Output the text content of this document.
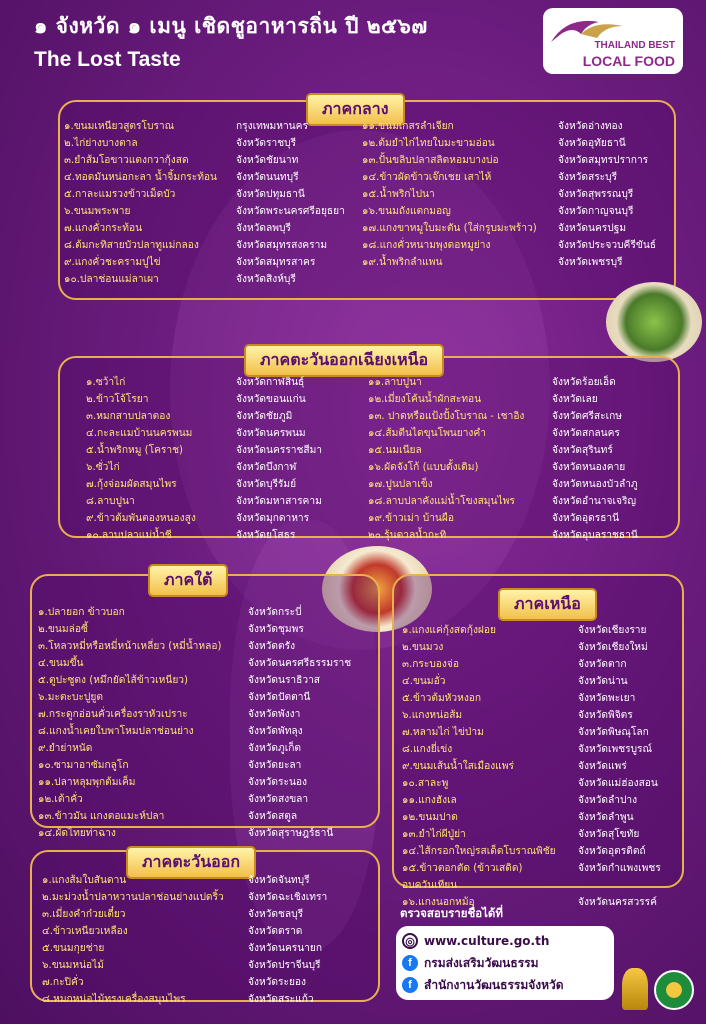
๑ จังหวัด ๑ เมนู เชิดชูอาหารถิ่น ปี ๒๕๖๗
The Lost Taste
THAILAND BEST
LOCAL FOOD
ภาคกลาง
๑.ขนมเหนียวสูตรโบราณ
๒.ไก่ย่างบางตาล
๓.ยำส้มโอขาวแตงกวากุ้งสด
๔.ทอดมันหน่อกะลา น้ำจิ้มกระท้อน
๕.กาละแมรวงข้าวเม็ดบัว
๖.ขนมพระพาย
๗.แกงคั่วกระท้อน
๘.ต้มกะทิสายบัวปลาทูแม่กลอง
๙.แกงคั่วชะครามปูไข่
๑๐.ปลาช่อนแม่ลาเผา
กรุงเทพมหานคร
จังหวัดราชบุรี
จังหวัดชัยนาท
จังหวัดนนทบุรี
จังหวัดปทุมธานี
จังหวัดพระนครศรีอยุธยา
จังหวัดลพบุรี
จังหวัดสมุทรสงคราม
จังหวัดสมุทรสาคร
จังหวัดสิงห์บุรี
๑๑.ขนมเกสรลำเจียก
๑๒.ต้มยำไก่ไทยใบมะขามอ่อน
๑๓.ปั้นขลิบปลาสลิดหอมบางบ่อ
๑๔.ข้าวผัดข้าวเจ๊กเชย เสาไห้
๑๕.น้ำพริกไปนา
๑๖.ขนมถังแตกมอญ
๑๗.แกงขาหมูใบมะตัน (ใส่กรูบมะพร้าว)
๑๘.แกงคั่วหนามพุงดอหมูย่าง
๑๙.น้ำพริกลำแพน
จังหวัดอ่างทอง
จังหวัดอุทัยธานี
จังหวัดสมุทรปราการ
จังหวัดสระบุรี
จังหวัดสุพรรณบุรี
จังหวัดกาญจนบุรี
จังหวัดนครปฐม
จังหวัดประจวบคีรีขันธ์
จังหวัดเพชรบุรี
ภาคตะวันออกเฉียงเหนือ
๑.ซว้าไก่
๒.ข้าวโจ้โรยา
๓.หมกสาบปลาตอง
๔.กะละแมบ้านนครพนม
๕.น้ำพริกหมู (โคราช)
๖.ซั่วไก่
๗.กุ้งจ่อมผัดสมุนไพร
๘.ลาบปูนา
๙.ข้าวต้มพันตองหนองสูง
๑๐.ลาบปลาแม่น้ำชี
จังหวัดกาฬสินธุ์
จังหวัดขอนแก่น
จังหวัดชัยภูมิ
จังหวัดนครพนม
จังหวัดนครราชสีมา
จังหวัดบึงกาฬ
จังหวัดบุรีรัมย์
จังหวัดมหาสารคาม
จังหวัดมุกดาหาร
จังหวัดยโสธร
๑๑.ลาบปูนา
๑๒.เมี่ยงโค้นน้ำผักสะทอน
๑๓. ปาดหรือแป้งปั้งโบราณ - เชาอิง
๑๔.ส้มตีนไดขุนโพนยางคำ
๑๕.นมเนียล
๑๖.ผัดจังโก้ (แบบดั้งเดิม)
๑๗.ปูนปลาเข็ง
๑๘.ลาบปลาคังแม่น้ำโขงสมุนไพร
๑๙.ข้าวเม่า บ้านผือ
๒๐.รุ้นตาลน้ำกะทิ
จังหวัดร้อยเอ็ด
จังหวัดเลย
จังหวัดศรีสะเกษ
จังหวัดสกลนคร
จังหวัดสุรินทร์
จังหวัดหนองคาย
จังหวัดหนองบัวลำภู
จังหวัดอำนาจเจริญ
จังหวัดอุดรธานี
จังหวัดอุบลราชธานี
ภาคใต้
๑.ปลายอก ข้าวบอก
๒.ขนมล่อซี้
๓.โหลวหมี่หรือหมี่หน้าเหลี่ยว (หมี่น้ำหลอ)
๔.ขนมขึ้น
๕.ตูปะซูตง (หมึกยัดไส้ข้าวเหนียว)
๖.มะตะบะปูยูต
๗.กระดูกอ่อนคั่วเครื่องราหัวเปราะ
๘.แกงน้ำเคยใบพาโหมปลาช่อนย่าง
๙.ยำย่าหนัด
๑๐.ซามาอาซัมกลูโก
๑๑.ปลาหลุมพุกต้มเค็ม
๑๒.เต้าคั่ว
๑๓.ข้าวมัน แกงตอแมะห์ปลา
๑๔.ผัดไทยท่าฉาง
จังหวัดกระบี่
จังหวัดชุมพร
จังหวัดตรัง
จังหวัดนครศรีธรรมราช
จังหวัดนราธิวาส
จังหวัดปัตตานี
จังหวัดพังงา
จังหวัดพัทลุง
จังหวัดภูเก็ต
จังหวัดยะลา
จังหวัดระนอง
จังหวัดสงขลา
จังหวัดสตูล
จังหวัดสุราษฎร์ธานี
ภาคเหนือ
๑.แกงแค่กุ้งสดกุ้งฝอย
๒.ขนมวง
๓.กระบองจ่อ
๔.ขนมอั่ว
๕.ข้าวต้มหัวหงอก
๖.แกงหน่อส้ม
๗.หลามไก่ ไข่ป่าม
๘.แกงยี่เข่ง
๙.ขนมเส้นน้ำใสเมืองแพร่
๑๐.สาละพู
๑๑.แกงฮังเล
๑๒.ขนมปาด
๑๓.ยำไก่ผีปู่ย่า
๑๔.ไส้กรอกใหญ่รสเด็ดโบราณพิชัย
๑๕.ข้าวตอกตัด (ข้าวเสดิด)
อบควันเทียน
๑๖.แกงนอกหม้อ
จังหวัดเชียงราย
จังหวัดเชียงใหม่
จังหวัดตาก
จังหวัดน่าน
จังหวัดพะเยา
จังหวัดพิจิตร
จังหวัดพิษณุโลก
จังหวัดเพชรบูรณ์
จังหวัดแพร่
จังหวัดแม่ฮ่องสอน
จังหวัดลำปาง
จังหวัดลำพูน
จังหวัดสุโขทัย
จังหวัดอุตรดิตถ์
จังหวัดกำแพงเพชร
จังหวัดนครสวรรค์
ภาคตะวันออก
๑.แกงส้มใบสันดาน
๒.มะม่วงน้ำปลาหวานปลาช่อนย่างแปดริ้ว
๓.เมี่ยงคำก๋วยเตี๋ยว
๔.ข้าวเหนียวเหลือง
๕.ขนมกุยช่าย
๖.ขนมหน่อไม้
๗.กะปิคั่ว
๘.หมกหน่อไม้ทรงเครื่องสมุนไพร
จังหวัดจันทบุรี
จังหวัดฉะเชิงเทรา
จังหวัดชลบุรี
จังหวัดตราด
จังหวัดนครนายก
จังหวัดปราจีนบุรี
จังหวัดระยอง
จังหวัดสระแก้ว
ตรวจสอบรายชื่อได้ที่
◎ www.culture.go.th
f	กรมส่งเสริมวัฒนธรรม
f	สำนักงานวัฒนธรรมจังหวัด
